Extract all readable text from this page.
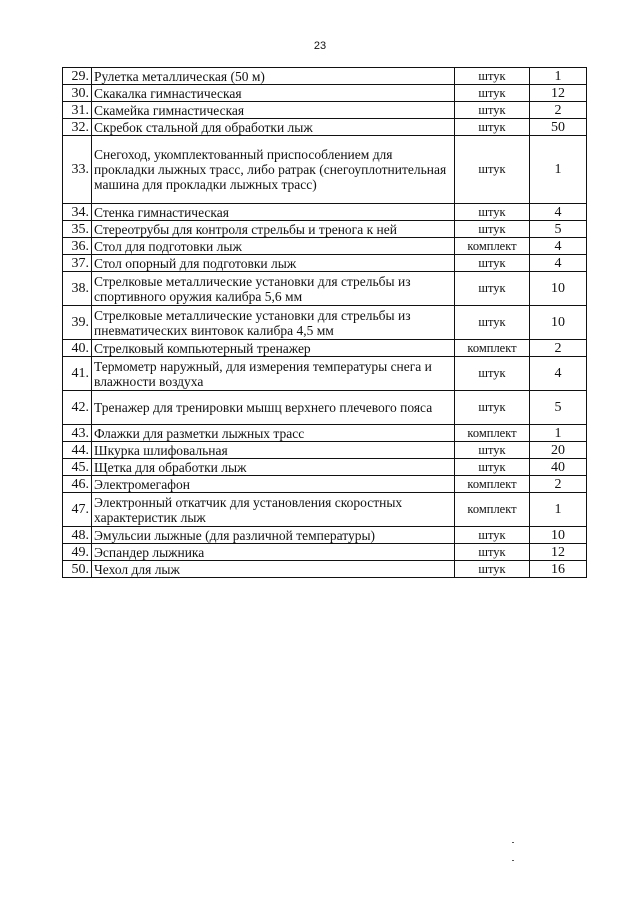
23
29.	Рулетка металлическая (50 м)	штук	1
30.	Скакалка гимнастическая	штук	12
31.	Скамейка гимнастическая	штук	2
32.	Скребок стальной для обработки лыж	штук	50
33.	Снегоход, укомплектованный приспособлением для прокладки лыжных трасс, либо ратрак (снегоуплотнительная машина для прокладки лыжных трасс)	штук	1
34.	Стенка гимнастическая	штук	4
35.	Стереотрубы для контроля стрельбы и тренога к ней	штук	5
36.	Стол для подготовки лыж	комплект	4
37.	Стол опорный для подготовки лыж	штук	4
38.	Стрелковые металлические установки для стрельбы из спортивного оружия калибра 5,6 мм	штук	10
39.	Стрелковые металлические установки для стрельбы из пневматических винтовок калибра 4,5 мм	штук	10
40.	Стрелковый компьютерный тренажер	комплект	2
41.	Термометр наружный, для измерения температуры снега и влажности воздуха	штук	4
42.	Тренажер для тренировки мышц верхнего плечевого пояса	штук	5
43.	Флажки для разметки лыжных трасс	комплект	1
44.	Шкурка шлифовальная	штук	20
45.	Щетка для обработки лыж	штук	40
46.	Электромегафон	комплект	2
47.	Электронный откатчик для установления скоростных характеристик лыж	комплект	1
48.	Эмульсии лыжные (для различной температуры)	штук	10
49.	Эспандер лыжника	штук	12
50.	Чехол для лыж	штук	16
